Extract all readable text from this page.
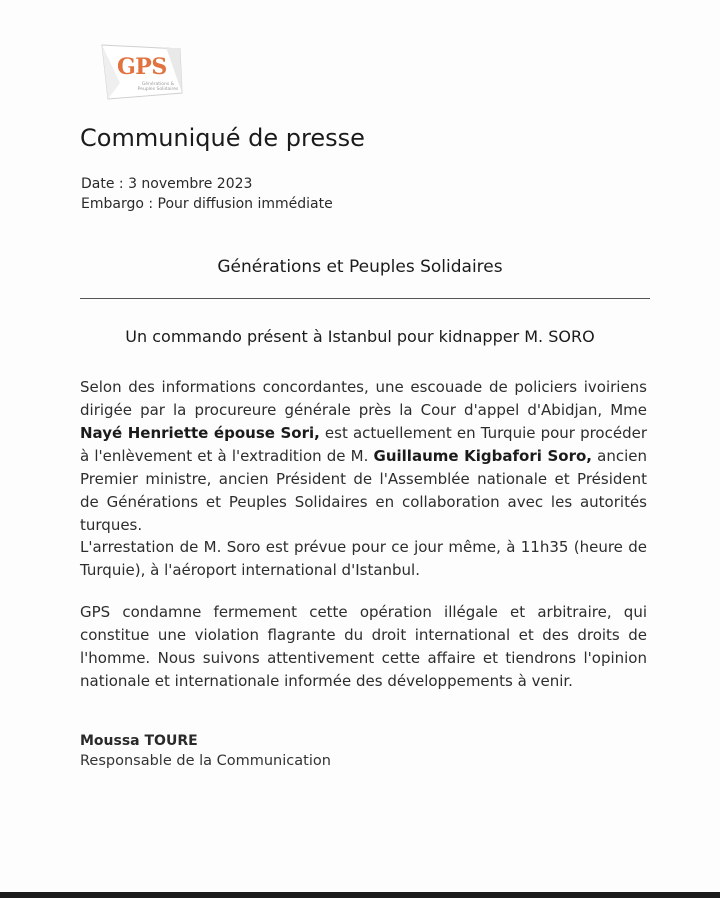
GPS
Générations & Peuples Solidaires
Communiqué de presse
Date : 3 novembre 2023
Embargo : Pour diffusion immédiate
Générations et Peuples Solidaires
Un commando présent à Istanbul pour kidnapper M. SORO

Selon des informations concordantes, une escouade de policiers ivoiriens dirigée par la procureure générale près la Cour d'appel d'Abidjan, Mme Nayé Henriette épouse Sori, est actuellement en Turquie pour procéder à l'enlèvement et à l'extradition de M. Guillaume Kigbafori Soro, ancien Premier ministre, ancien Président de l'Assemblée nationale et Président de Générations et Peuples Solidaires en collaboration avec les autorités turques.

L'arrestation de M. Soro est prévue pour ce jour même, à 11h35 (heure de Turquie), à l'aéroport international d'Istanbul.

GPS condamne fermement cette opération illégale et arbitraire, qui constitue une violation flagrante du droit international et des droits de l'homme. Nous suivons attentivement cette affaire et tiendrons l'opinion nationale et internationale informée des développements à venir.

Moussa TOURE
Responsable de la Communication
